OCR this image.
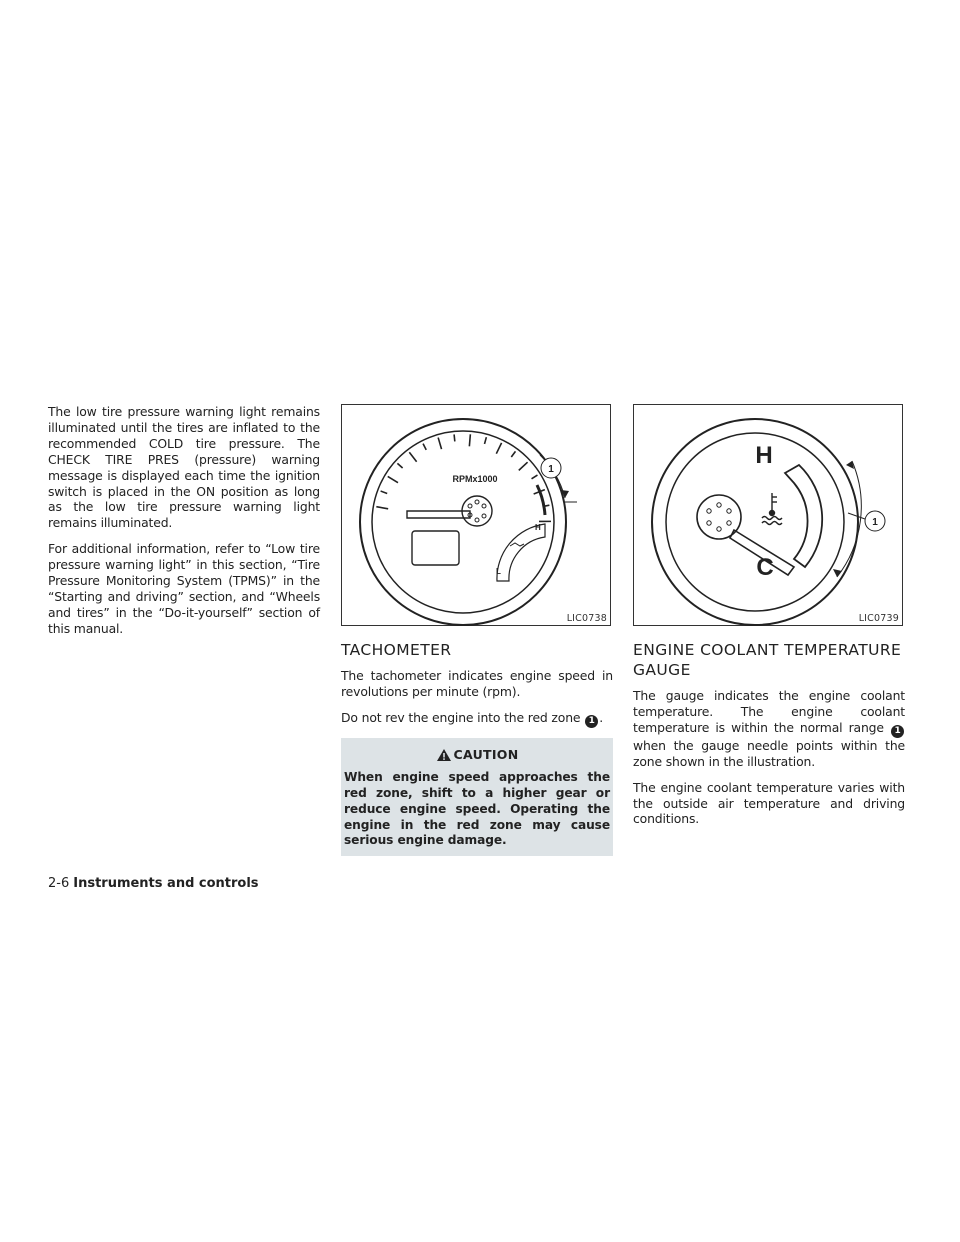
The low tire pressure warning light remains illuminated until the tires are inflated to the recommended COLD tire pressure. The CHECK TIRE PRES (pressure) warning message is displayed each time the ignition switch is placed in the ON position as long as the low tire pressure warning light remains illuminated.

For additional information, refer to “Low tire pressure warning light” in this section, “Tire Pressure Monitoring System (TPMS)” in the “Starting and driving” section, and “Wheels and tires” in the “Do-it-yourself” section of this manual.

RPMx1000
H
L
1
LIC0738
TACHOMETER

The tachometer indicates engine speed in revolutions per minute (rpm).

Do not rev the engine into the red zone 1 .

CAUTION
When engine speed approaches the red zone, shift to a higher gear or reduce engine speed. Operating the engine in the red zone may cause serious engine damage.
H
C
1
LIC0739
ENGINE COOLANT TEMPERATURE
GAUGE

The gauge indicates the engine coolant temperature. The engine coolant temperature is within the normal range 1 when the gauge needle points within the zone shown in the illustration.

The engine coolant temperature varies with the outside air temperature and driving conditions.

2-6 Instruments and controls
